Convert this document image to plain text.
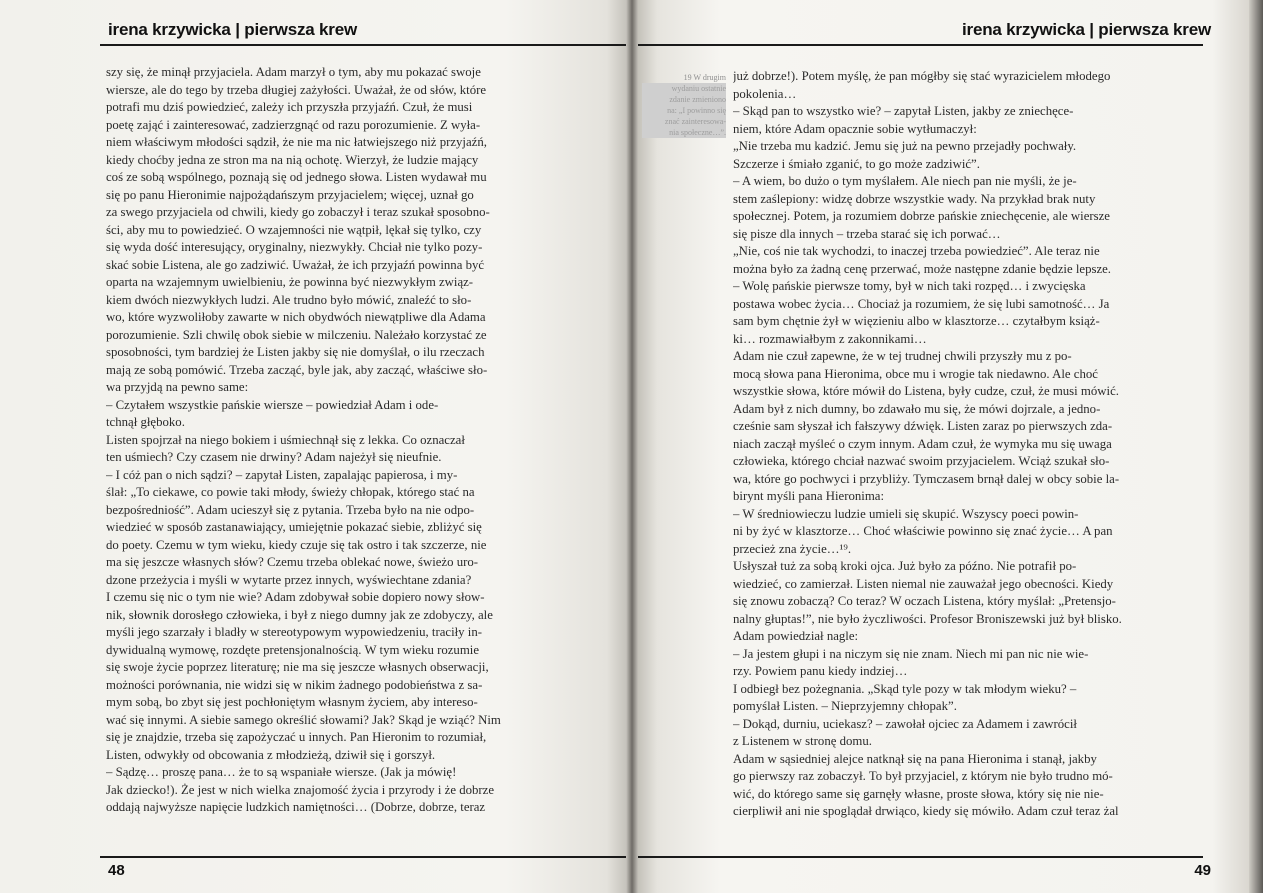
irena krzywicka | pierwsza krew
szy się, że minął przyjaciela. Adam marzył o tym, aby mu pokazać swoje
wiersze, ale do tego by trzeba długiej zażyłości. Uważał, że od słów, które
potrafi mu dziś powiedzieć, zależy ich przyszła przyjaźń. Czuł, że musi
poetę zająć i zainteresować, zadzierzgnąć od razu porozumienie. Z wyła-
niem właściwym młodości sądził, że nie ma nic łatwiejszego niż przyjaźń,
kiedy choćby jedna ze stron ma na nią ochotę. Wierzył, że ludzie mający
coś ze sobą wspólnego, poznają się od jednego słowa. Listen wydawał mu
się po panu Hieronimie najpożądańszym przyjacielem; więcej, uznał go
za swego przyjaciela od chwili, kiedy go zobaczył i teraz szukał sposobno-
ści, aby mu to powiedzieć. O wzajemności nie wątpił, lękał się tylko, czy
się wyda dość interesujący, oryginalny, niezwykły. Chciał nie tylko pozy-
skać sobie Listena, ale go zadziwić. Uważał, że ich przyjaźń powinna być
oparta na wzajemnym uwielbieniu, że powinna być niezwykłym związ-
kiem dwóch niezwykłych ludzi. Ale trudno było mówić, znaleźć to sło-
wo, które wyzwoliłoby zawarte w nich obydwóch niewątpliwe dla Adama
porozumienie. Szli chwilę obok siebie w milczeniu. Należało korzystać ze
sposobności, tym bardziej że Listen jakby się nie domyślał, o ilu rzeczach
mają ze sobą pomówić. Trzeba zacząć, byle jak, aby zacząć, właściwe sło-
wa przyjdą na pewno same:
– Czytałem wszystkie pańskie wiersze – powiedział Adam i ode-
tchnął głęboko.
Listen spojrzał na niego bokiem i uśmiechnął się z lekka. Co oznaczał
ten uśmiech? Czy czasem nie drwiny? Adam najeżył się nieufnie.
– I cóż pan o nich sądzi? – zapytał Listen, zapalając papierosa, i my-
ślał: „To ciekawe, co powie taki młody, świeży chłopak, którego stać na
bezpośredniość”. Adam ucieszył się z pytania. Trzeba było na nie odpo-
wiedzieć w sposób zastanawiający, umiejętnie pokazać siebie, zbliżyć się
do poety. Czemu w tym wieku, kiedy czuje się tak ostro i tak szczerze, nie
ma się jeszcze własnych słów? Czemu trzeba oblekać nowe, świeżo uro-
dzone przeżycia i myśli w wytarte przez innych, wyświechtane zdania?
I czemu się nic o tym nie wie? Adam zdobywał sobie dopiero nowy słow-
nik, słownik dorosłego człowieka, i był z niego dumny jak ze zdobyczy, ale
myśli jego szarzały i bladły w stereotypowym wypowiedzeniu, traciły in-
dywidualną wymowę, rozdęte pretensjonalnością. W tym wieku rozumie
się swoje życie poprzez literaturę; nie ma się jeszcze własnych obserwacji,
możności porównania, nie widzi się w nikim żadnego podobieństwa z sa-
mym sobą, bo zbyt się jest pochłoniętym własnym życiem, aby interesо-
wać się innymi. A siebie samego określić słowami? Jak? Skąd je wziąć? Nim
się je znajdzie, trzeba się zapożyczać u innych. Pan Hieronim to rozumiał,
Listen, odwykły od obcowania z młodzieżą, dziwił się i gorszył.
– Sądzę… proszę pana… że to są wspaniałe wiersze. (Jak ja mówię!
Jak dziecko!). Że jest w nich wielka znajomość życia i przyrody i że dobrze
oddają najwyższe napięcie ludzkich namiętności… (Dobrze, dobrze, teraz
48
irena krzywicka | pierwsza krew
19 W drugim
wydaniu ostatnie
zdanie zmieniono
na: „I powinno się
znać zainteresowa-
nia społeczne…”.
już dobrze!). Potem myślę, że pan mógłby się stać wyrazicielem młodego
pokolenia…
– Skąd pan to wszystko wie? – zapytał Listen, jakby ze zniechęce-
niem, które Adam opacznie sobie wytłumaczył:
„Nie trzeba mu kadzić. Jemu się już na pewno przejadły pochwały.
Szczerze i śmiało zganić, to go może zadziwić”.
– A wiem, bo dużo o tym myślałem. Ale niech pan nie myśli, że je-
stem zaślepiony: widzę dobrze wszystkie wady. Na przykład brak nuty
społecznej. Potem, ja rozumiem dobrze pańskie zniechęcenie, ale wiersze
się pisze dla innych – trzeba starać się ich porwać…
„Nie, coś nie tak wychodzi, to inaczej trzeba powiedzieć”. Ale teraz nie
można było za żadną cenę przerwać, może następne zdanie będzie lepsze.
– Wolę pańskie pierwsze tomy, był w nich taki rozpęd… i zwycięska
postawa wobec życia… Chociaż ja rozumiem, że się lubi samotność… Ja
sam bym chętnie żył w więzieniu albo w klasztorze… czytałbym książ-
ki… rozmawiałbym z zakonnikami…
Adam nie czuł zapewne, że w tej trudnej chwili przyszły mu z po-
mocą słowa pana Hieronima, obce mu i wrogie tak niedawno. Ale choć
wszystkie słowa, które mówił do Listena, były cudze, czuł, że musi mówić.
Adam był z nich dumny, bo zdawało mu się, że mówi dojrzale, a jedno-
cześnie sam słyszał ich fałszywy dźwięk. Listen zaraz po pierwszych zda-
niach zaczął myśleć o czym innym. Adam czuł, że wymyka mu się uwaga
człowieka, którego chciał nazwać swoim przyjacielem. Wciąż szukał sło-
wa, które go pochwyci i przybliży. Tymczasem brnął dalej w obcy sobie la-
birynt myśli pana Hieronima:
– W średniowieczu ludzie umieli się skupić. Wszyscy poeci powin-
ni by żyć w klasztorze… Choć właściwie powinno się znać życie… A pan
przecież zna życie…¹⁹.
Usłyszał tuż za sobą kroki ojca. Już było za późno. Nie potrafił po-
wiedzieć, co zamierzał. Listen niemal nie zauważał jego obecności. Kiedy
się znowu zobaczą? Co teraz? W oczach Listena, który myślał: „Pretensjo-
nalny głuptas!”, nie było życzliwości. Profesor Broniszewski już był blisko.
Adam powiedział nagle:
– Ja jestem głupi i na niczym się nie znam. Niech mi pan nic nie wie-
rzy. Powiem panu kiedy indziej…
I odbiegł bez pożegnania. „Skąd tyle pozy w tak młodym wieku? –
pomyślał Listen. – Nieprzyjemny chłopak”.
– Dokąd, durniu, uciekasz? – zawołał ojciec za Adamem i zawrócił
z Listenem w stronę domu.
Adam w sąsiedniej alejce natknął się na pana Hieronima i stanął, jakby
go pierwszy raz zobaczył. To był przyjaciel, z którym nie było trudno mó-
wić, do którego same się garnęły własne, proste słowa, który się nie nie-
cierpliwił ani nie spoglądał drwiąco, kiedy się mówiło. Adam czuł teraz żal
49
